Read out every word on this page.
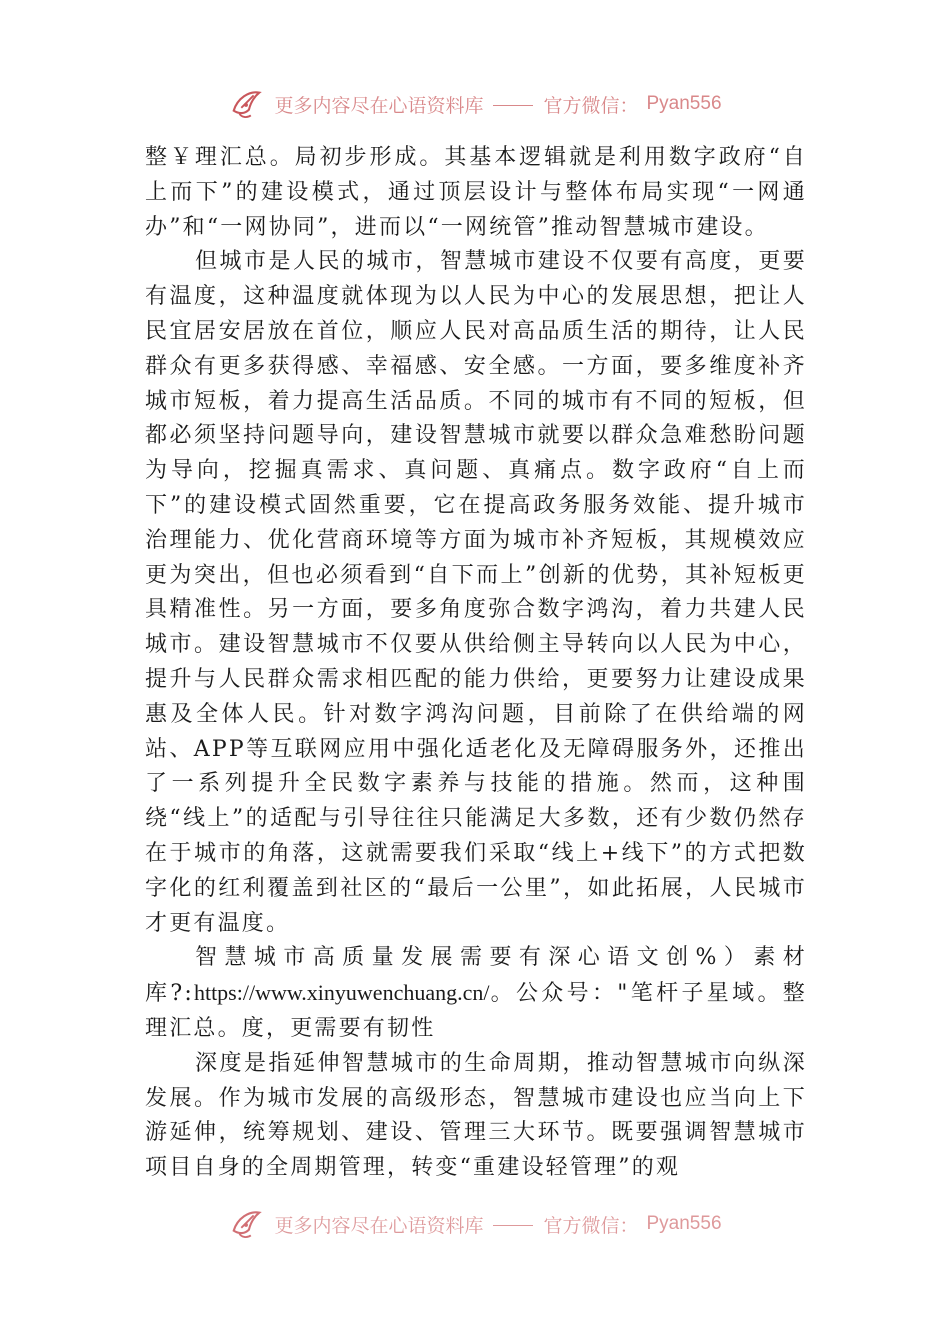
更多内容尽在心语资料库	官方微信： Pyan556

整￥理汇总。局初步形成。其基本逻辑就是利用数字政府“自上而下”的建设模式，通过顶层设计与整体布局实现“一网通办”和“一网协同”，进而以“一网统管”推动智慧城市建设。

但城市是人民的城市，智慧城市建设不仅要有高度，更要有温度，这种温度就体现为以人民为中心的发展思想，把让人民宜居安居放在首位，顺应人民对高品质生活的期待，让人民群众有更多获得感、幸福感、安全感。一方面，要多维度补齐城市短板，着力提高生活品质。不同的城市有不同的短板，但都必须坚持问题导向，建设智慧城市就要以群众急难愁盼问题为导向，挖掘真需求、真问题、真痛点。数字政府“自上而下”的建设模式固然重要，它在提高政务服务效能、提升城市治理能力、优化营商环境等方面为城市补齐短板，其规模效应更为突出，但也必须看到“自下而上”创新的优势，其补短板更具精准性。另一方面，要多角度弥合数字鸿沟，着力共建人民城市。建设智慧城市不仅要从供给侧主导转向以人民为中心，提升与人民群众需求相匹配的能力供给，更要努力让建设成果惠及全体人民。针对数字鸿沟问题，目前除了在供给端的网站、APP等互联网应用中强化适老化及无障碍服务外，还推出了一系列提升全民数字素养与技能的措施。然而，这种围绕“线上”的适配与引导往往只能满足大多数，还有少数仍然存在于城市的角落，这就需要我们采取“线上+线下”的方式把数字化的红利覆盖到社区的“最后一公里”，如此拓展，人民城市才更有温度。

智慧城市高质量发展需要有深心语文创%）素材库?:https://www.xinyuwenchuang.cn/。公众号："笔杆子星域。整理汇总。度，更需要有韧性

深度是指延伸智慧城市的生命周期，推动智慧城市向纵深发展。作为城市发展的高级形态，智慧城市建设也应当向上下游延伸，统筹规划、建设、管理三大环节。既要强调智慧城市项目自身的全周期管理，转变“重建设轻管理”的观

更多内容尽在心语资料库	官方微信： Pyan556
